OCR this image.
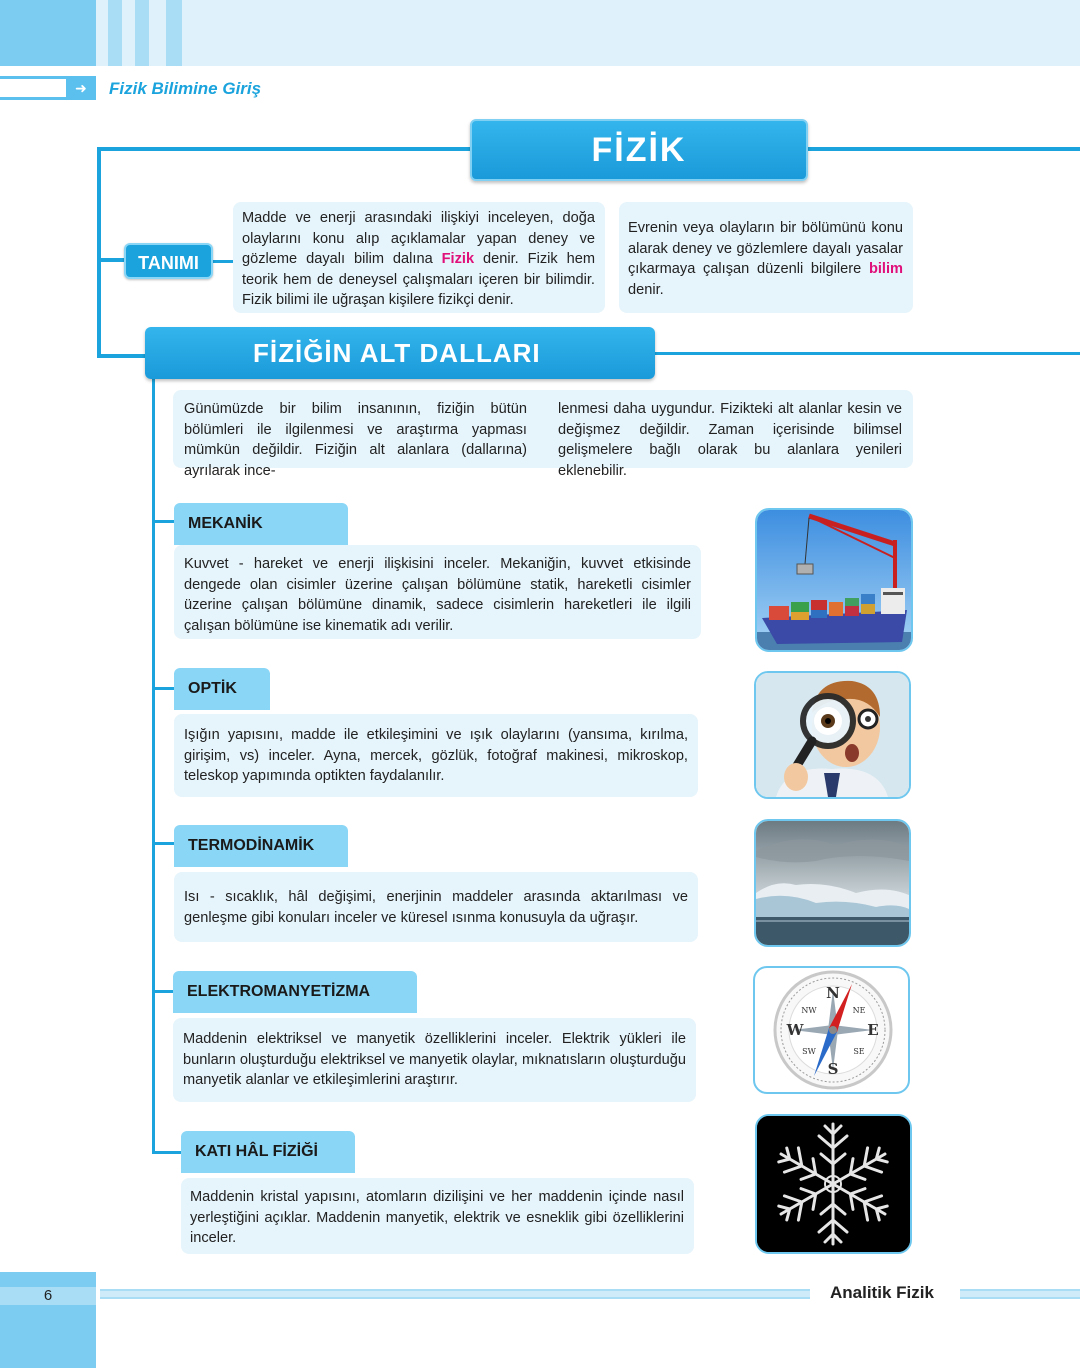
➜	Fizik Bilimine Giriş
FİZİK
TANIMI
Madde ve enerji arasındaki ilişkiyi inceleyen, doğa olaylarını konu alıp açıklamalar yapan deney ve gözleme dayalı bilim dalına Fizik denir. Fizik hem teorik hem de deneysel çalışmaları içeren bir bilimdir. Fizik bilimi ile uğraşan kişilere fizikçi denir.
Evrenin veya olayların bir bölümünü konu alarak deney ve gözlemlere dayalı yasalar çıkarmaya çalışan düzenli bilgilere bilim denir.
FİZİĞİN ALT DALLARI
Günümüzde bir bilim insanının, fiziğin bütün bölümleri ile ilgilenmesi ve araştırma yapması mümkün değildir. Fiziğin alt alanlara (dallarına) ayrılarak ince-
lenmesi daha uygundur. Fizikteki alt alanlar kesin ve değişmez değildir. Zaman içerisinde bilimsel gelişmelere bağlı olarak bu alanlara yenileri eklenebilir.
MEKANİK
Kuvvet - hareket ve enerji ilişkisini inceler. Mekaniğin, kuvvet etkisinde dengede olan cisimler üzerine çalışan bölümüne statik, hareketli cisimler üzerine çalışan bölümüne dinamik, sadece cisimlerin hareketleri ile ilgili çalışan bölümüne ise kinematik adı verilir.
OPTİK
Işığın yapısını, madde ile etkileşimini ve ışık olaylarını (yansıma, kırılma, girişim, vs) inceler. Ayna, mercek, gözlük, fotoğraf makinesi, mikroskop, teleskop yapımında optikten faydalanılır.
TERMODİNAMİK
Isı - sıcaklık, hâl değişimi, enerjinin maddeler arasında aktarılması ve genleşme gibi konuları inceler ve küresel ısınma konusuyla da uğraşır.
ELEKTROMANYETİZMA
Maddenin elektriksel ve manyetik özelliklerini inceler. Elektrik yükleri ile bunların oluşturduğu elektriksel ve manyetik olaylar, mıknatısların oluşturduğu manyetik alanlar ve etkileşimlerini araştırır.
KATI HÂL FİZİĞİ
Maddenin kristal yapısını, atomların dizilişini ve her maddenin içinde nasıl yerleştiğini açıklar. Maddenin manyetik, elektrik ve esneklik gibi özelliklerini inceler.
N
S
E
W
NE
NW
SE
SW
6	Analitik Fizik
